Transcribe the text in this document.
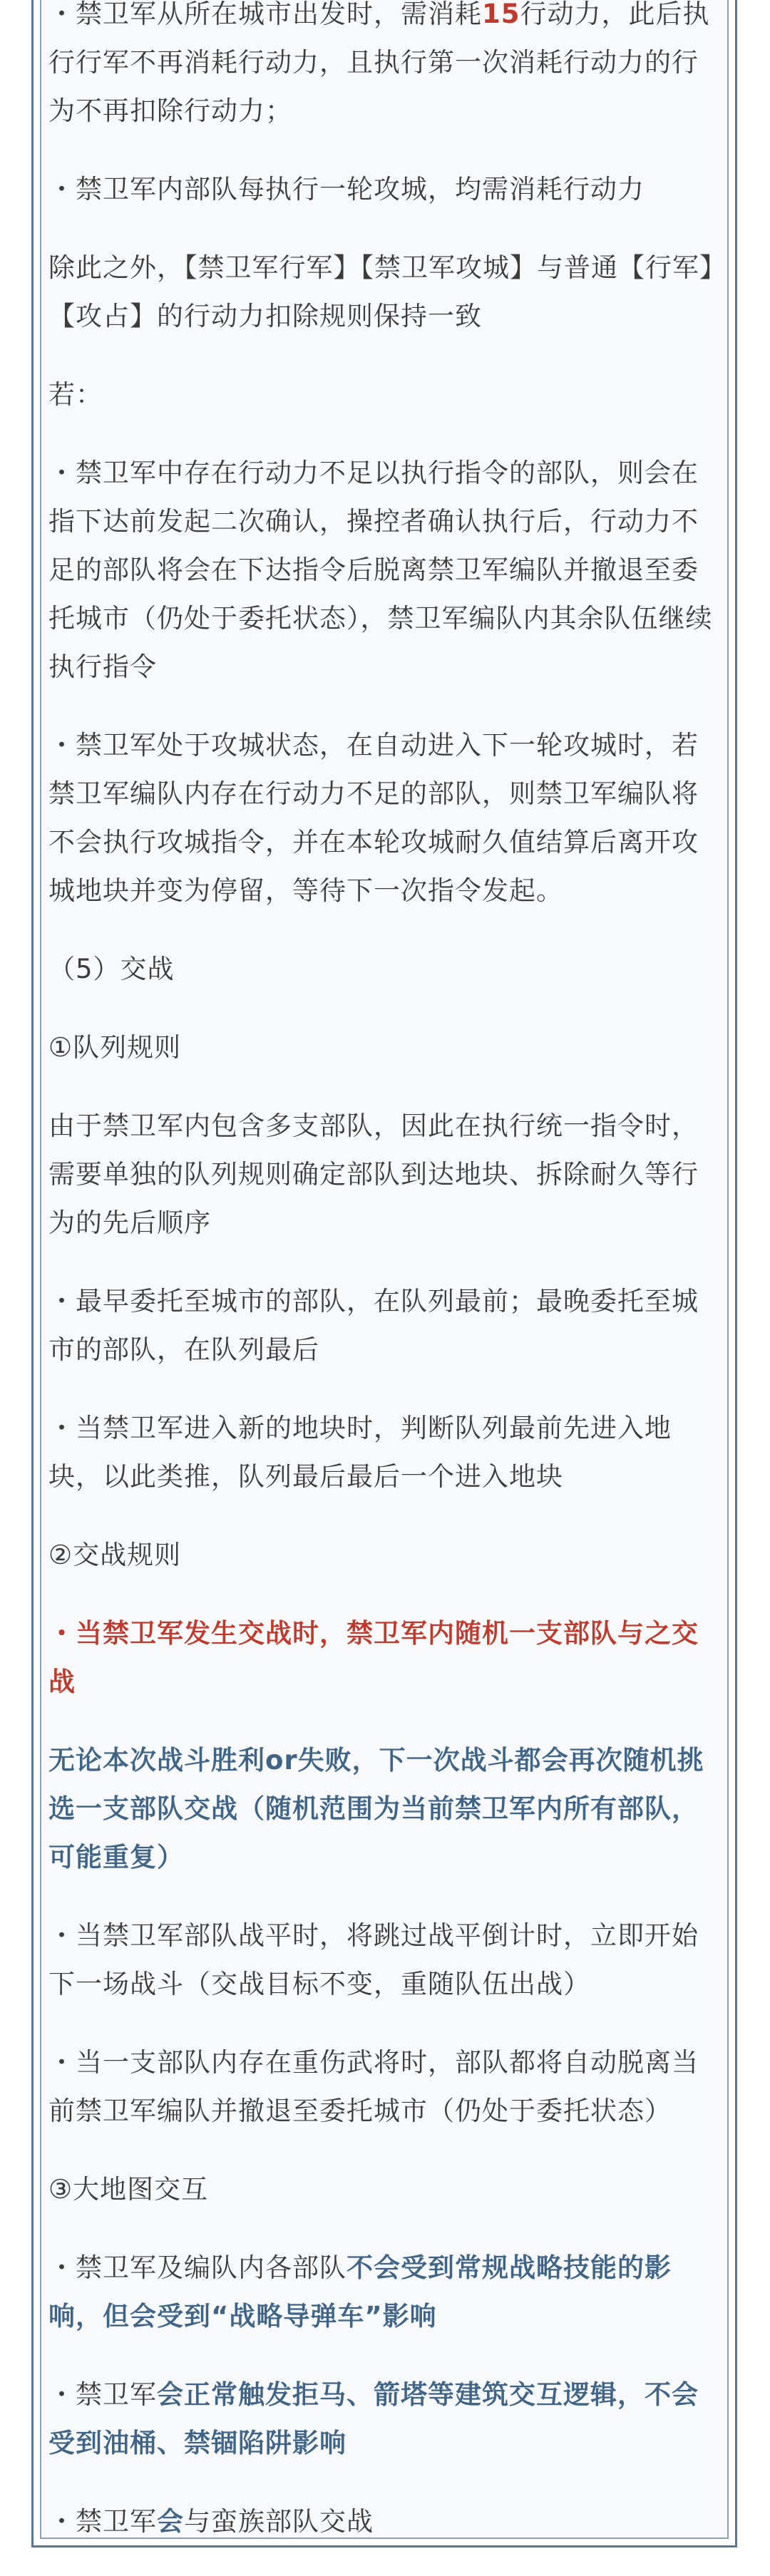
・禁卫军从所在城市出发时，需消耗15行动力，此后执行行军不再消耗行动力，且执行第一次消耗行动力的行为不再扣除行动力；

・禁卫军内部队每执行一轮攻城，均需消耗行动力

除此之外，【禁卫军行军】【禁卫军攻城】与普通【行军】【攻占】的行动力扣除规则保持一致

若：

・禁卫军中存在行动力不足以执行指令的部队，则会在指下达前发起二次确认，操控者确认执行后，行动力不足的部队将会在下达指令后脱离禁卫军编队并撤退至委托城市（仍处于委托状态），禁卫军编队内其余队伍继续执行指令

・禁卫军处于攻城状态，在自动进入下一轮攻城时，若禁卫军编队内存在行动力不足的部队，则禁卫军编队将不会执行攻城指令，并在本轮攻城耐久值结算后离开攻城地块并变为停留，等待下一次指令发起。

（5）交战

①队列规则

由于禁卫军内包含多支部队，因此在执行统一指令时，需要单独的队列规则确定部队到达地块、拆除耐久等行为的先后顺序

・最早委托至城市的部队，在队列最前；最晚委托至城市的部队，在队列最后

・当禁卫军进入新的地块时，判断队列最前先进入地块，以此类推，队列最后最后一个进入地块

②交战规则

・当禁卫军发生交战时，禁卫军内随机一支部队与之交战

无论本次战斗胜利or失败，下一次战斗都会再次随机挑选一支部队交战（随机范围为当前禁卫军内所有部队，可能重复）

・当禁卫军部队战平时，将跳过战平倒计时，立即开始下一场战斗（交战目标不变，重随队伍出战）

・当一支部队内存在重伤武将时，部队都将自动脱离当前禁卫军编队并撤退至委托城市（仍处于委托状态）

③大地图交互

・禁卫军及编队内各部队不会受到常规战略技能的影响，但会受到“战略导弹车”影响

・禁卫军会正常触发拒马、箭塔等建筑交互逻辑，不会受到油桶、禁锢陷阱影响

・禁卫军会与蛮族部队交战
